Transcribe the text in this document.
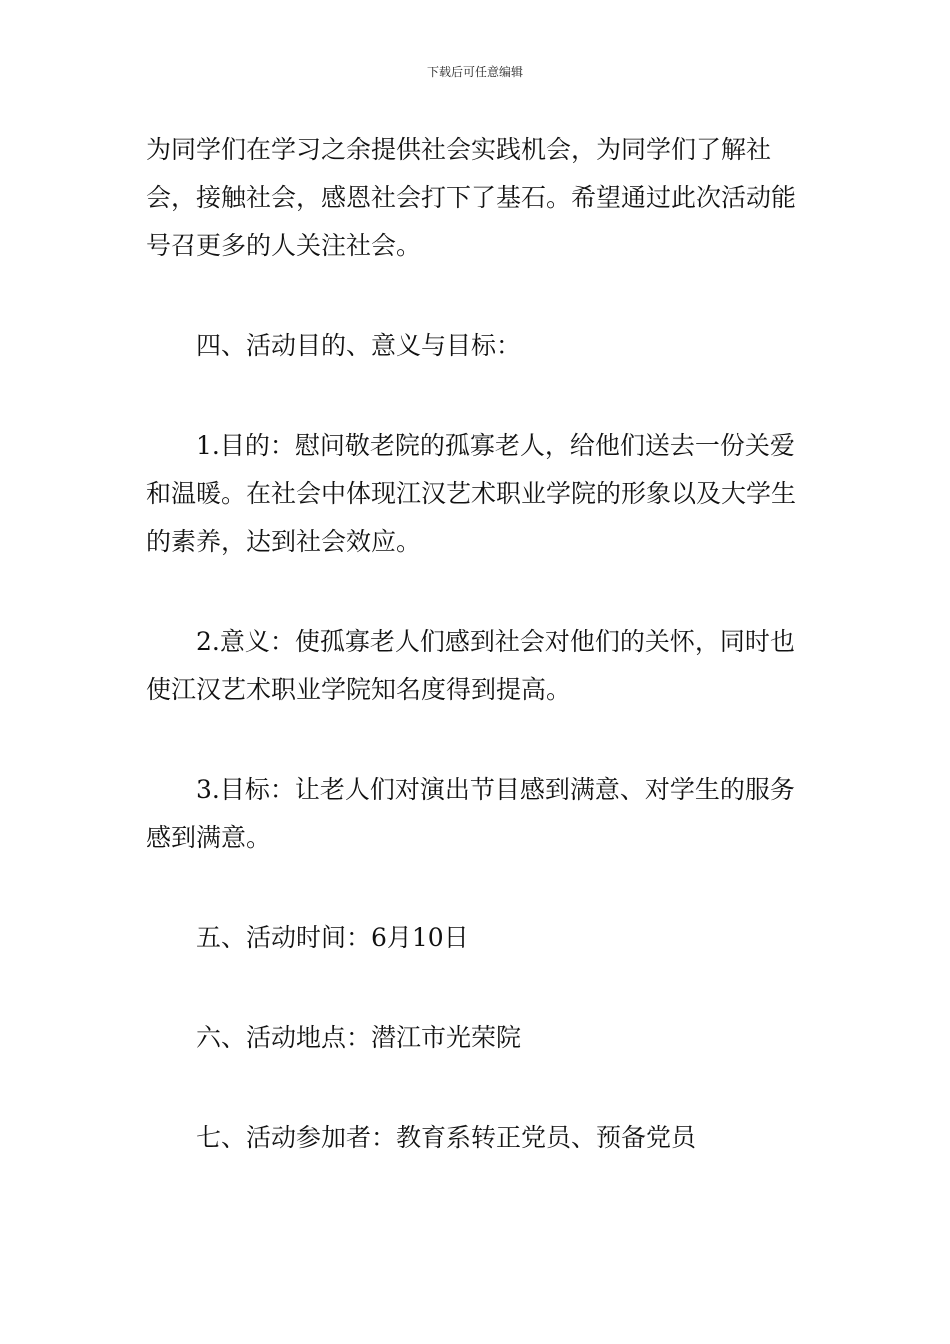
下载后可任意编辑

为同学们在学习之余提供社会实践机会，为同学们了解社会，接触社会，感恩社会打下了基石。希望通过此次活动能号召更多的人关注社会。

四、活动目的、意义与目标：

1.目的：慰问敬老院的孤寡老人，给他们送去一份关爱和温暖。在社会中体现江汉艺术职业学院的形象以及大学生的素养，达到社会效应。

2.意义：使孤寡老人们感到社会对他们的关怀，同时也使江汉艺术职业学院知名度得到提高。

3.目标：让老人们对演出节目感到满意、对学生的服务感到满意。

五、活动时间：6月10日

六、活动地点：潜江市光荣院

七、活动参加者：教育系转正党员、预备党员
